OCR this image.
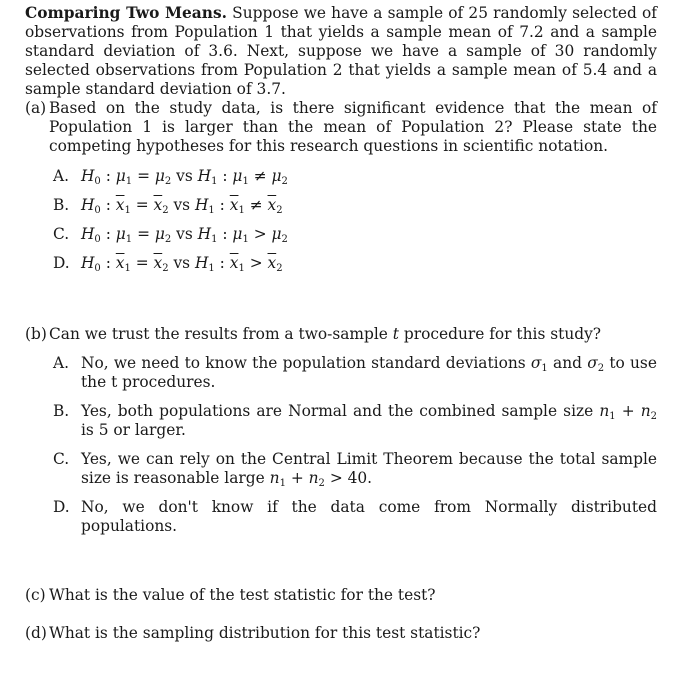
Comparing Two Means. Suppose we have a sample of 25 randomly selected of observations from Population 1 that yields a sample mean of 7.2 and a sample standard deviation of 3.6. Next, suppose we have a sample of 30 randomly selected observations from Population 2 that yields a sample mean of 5.4 and a sample standard deviation of 3.7.

(a) Based on the study data, is there significant evidence that the mean of Population 1 is larger than the mean of Population 2? Please state the competing hypotheses for this research questions in scientific notation.
A. $H_0$ : $\mu_1 = \mu_2$ vs $H_1$ : $\mu_1 \ne \mu_2$
B. $H_0$ : $\overline{x}_1 = \overline{x}_2$ vs $H_1$ : $\overline{x}_1 \ne \overline{x}_2$
C. $H_0$ : $\mu_1 = \mu_2$ vs $H_1$ : $\mu_1 > \mu_2$
D. $H_0$ : $\overline{x}_1 = \overline{x}_2$ vs $H_1$ : $\overline{x}_1 > \overline{x}_2$
(b) Can we trust the results from a two-sample t procedure for this study?
A. No, we need to know the population standard deviations $\sigma_1$ and $\sigma_2$ to use the t procedures.
B. Yes, both populations are Normal and the combined sample size $n_1 + n_2$ is 5 or larger.
C. Yes, we can rely on the Central Limit Theorem because the total sample size is reasonable large $n_1 + n_2 > 40$.
D. No, we don't know if the data come from Normally distributed populations.
(c) What is the value of the test statistic for the test?
(d) What is the sampling distribution for this test statistic?
